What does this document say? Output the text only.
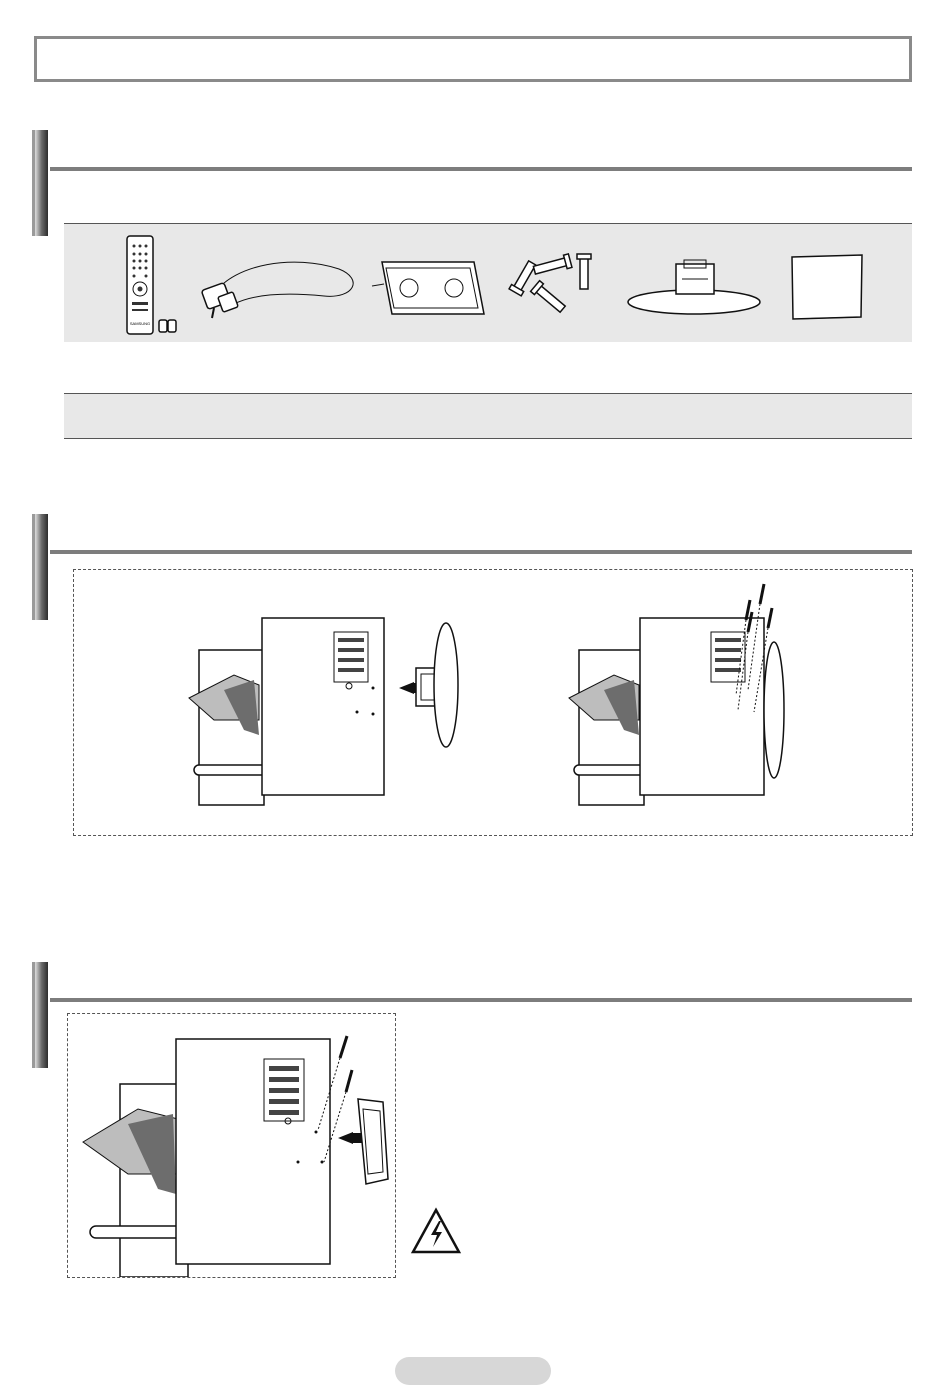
SAMSUNG
